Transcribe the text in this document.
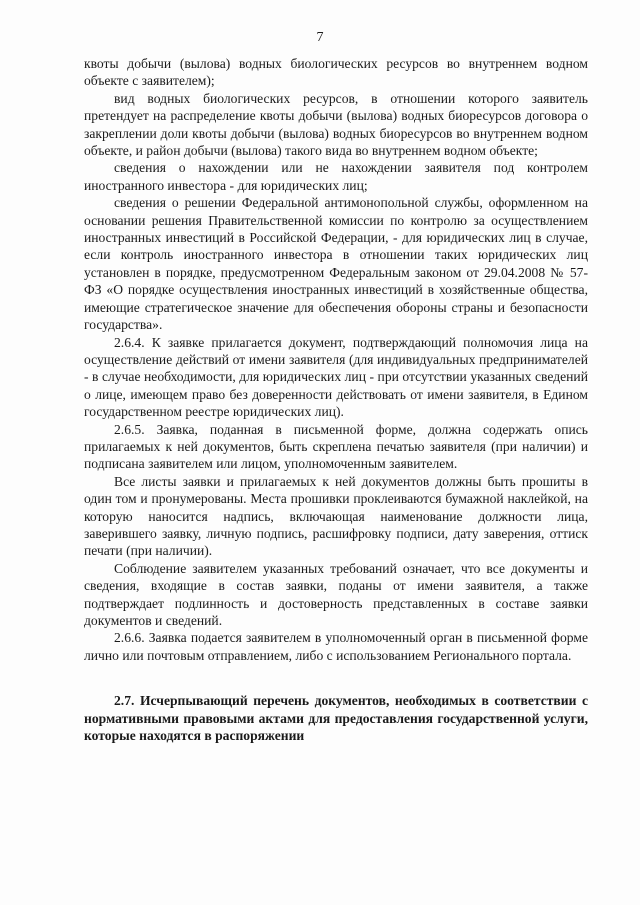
7

квоты добычи (вылова) водных биологических ресурсов во внутреннем водном объекте с заявителем);

вид водных биологических ресурсов, в отношении которого заявитель претендует на распределение квоты добычи (вылова) водных биоресурсов договора о закреплении доли квоты добычи (вылова) водных биоресурсов во внутреннем водном объекте, и район добычи (вылова) такого вида во внутреннем водном объекте;

сведения о нахождении или не нахождении заявителя под контролем иностранного инвестора - для юридических лиц;

сведения о решении Федеральной антимонопольной службы, оформленном на основании решения Правительственной комиссии по контролю за осуществлением иностранных инвестиций в Российской Федерации, - для юридических лиц в случае, если контроль иностранного инвестора в отношении таких юридических лиц установлен в порядке, предусмотренном Федеральным законом от 29.04.2008 № 57-ФЗ «О порядке осуществления иностранных инвестиций в хозяйственные общества, имеющие стратегическое значение для обеспечения обороны страны и безопасности государства».

2.6.4. К заявке прилагается документ, подтверждающий полномочия лица на осуществление действий от имени заявителя (для индивидуальных предпринимателей - в случае необходимости, для юридических лиц - при отсутствии указанных сведений о лице, имеющем право без доверенности действовать от имени заявителя, в Едином государственном реестре юридических лиц).

2.6.5. Заявка, поданная в письменной форме, должна содержать опись прилагаемых к ней документов, быть скреплена печатью заявителя (при наличии) и подписана заявителем или лицом, уполномоченным заявителем.

Все листы заявки и прилагаемых к ней документов должны быть прошиты в один том и пронумерованы. Места прошивки проклеиваются бумажной наклейкой, на которую наносится надпись, включающая наименование должности лица, заверившего заявку, личную подпись, расшифровку подписи, дату заверения, оттиск печати (при наличии).

Соблюдение заявителем указанных требований означает, что все документы и сведения, входящие в состав заявки, поданы от имени заявителя, а также подтверждает подлинность и достоверность представленных в составе заявки документов и сведений.

2.6.6. Заявка подается заявителем в уполномоченный орган в письменной форме лично или почтовым отправлением, либо с использованием Регионального портала.

2.7. Исчерпывающий перечень документов, необходимых в соответствии с нормативными правовыми актами для предоставления государственной услуги, которые находятся в распоряжении
